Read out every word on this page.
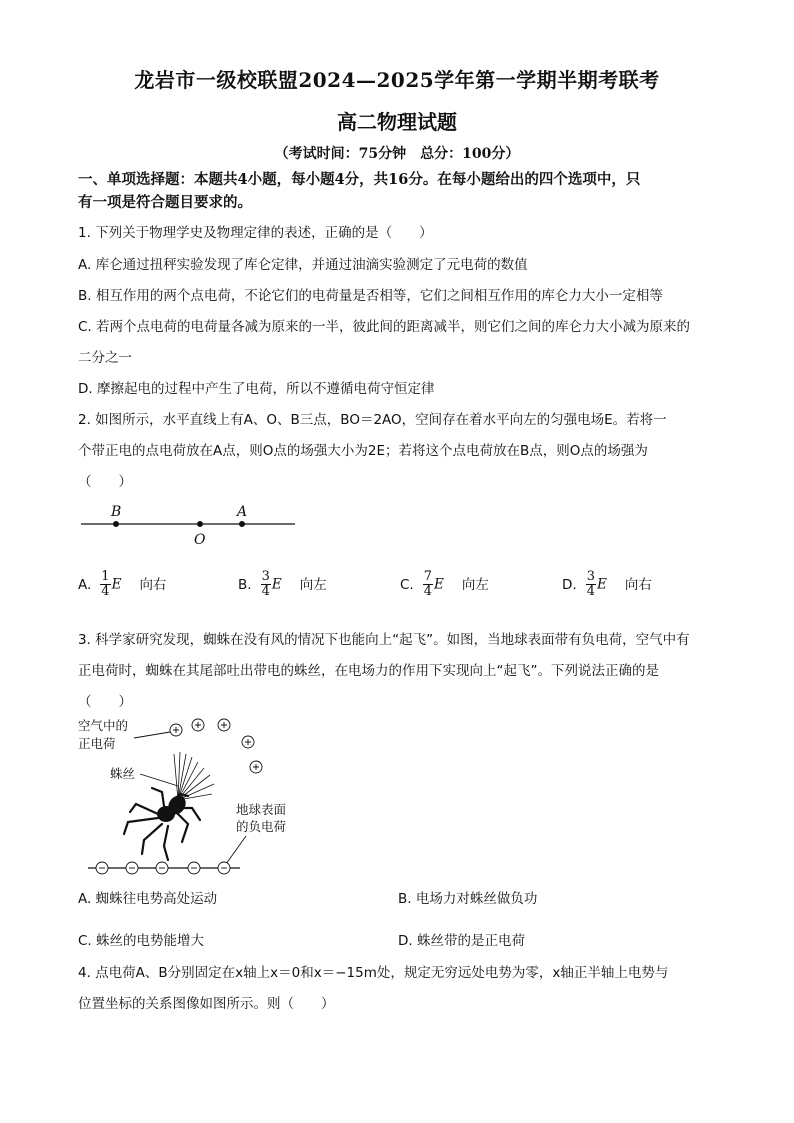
龙岩市一级校联盟2024—2025学年第一学期半期考联考
高二物理试题
（考试时间：75分钟　总分：100分）
一、单项选择题：本题共4小题，每小题4分，共16分。在每小题给出的四个选项中，只
有一项是符合题目要求的。
1. 下列关于物理学史及物理定律的表述，正确的是（　　）
A. 库仑通过扭秤实验发现了库仑定律，并通过油滴实验测定了元电荷的数值
B. 相互作用的两个点电荷，不论它们的电荷量是否相等，它们之间相互作用的库仑力大小一定相等
C. 若两个点电荷的电荷量各减为原来的一半，彼此间的距离减半，则它们之间的库仑力大小减为原来的
二分之一
D. 摩擦起电的过程中产生了电荷，所以不遵循电荷守恒定律
2. 如图所示，水平直线上有A、O、B三点，BO＝2AO，空间存在着水平向左的匀强电场E。若将一
个带正电的点电荷放在A点，则O点的场强大小为2E；若将这个点电荷放在B点，则O点的场强为
（　　）
B
O
A
A. $\frac{1}{4}$ E 向右	B. $\frac{3}{4}$ E 向左	C. $\frac{7}{4}$ E 向左	D. $\frac{3}{4}$ E 向右
3. 科学家研究发现，蜘蛛在没有风的情况下也能向上“起飞”。如图，当地球表面带有负电荷，空气中有
正电荷时，蜘蛛在其尾部吐出带电的蛛丝，在电场力的作用下实现向上“起飞”。下列说法正确的是
（　　）
空气中的
正电荷
蛛丝
地球表面
的负电荷
A. 蜘蛛往电势高处运动	B. 电场力对蛛丝做负功
C. 蛛丝的电势能增大	D. 蛛丝带的是正电荷
4. 点电荷A、B分别固定在x轴上x＝0和x＝−15m处，规定无穷远处电势为零，x轴正半轴上电势与
位置坐标的关系图像如图所示。则（　　）
